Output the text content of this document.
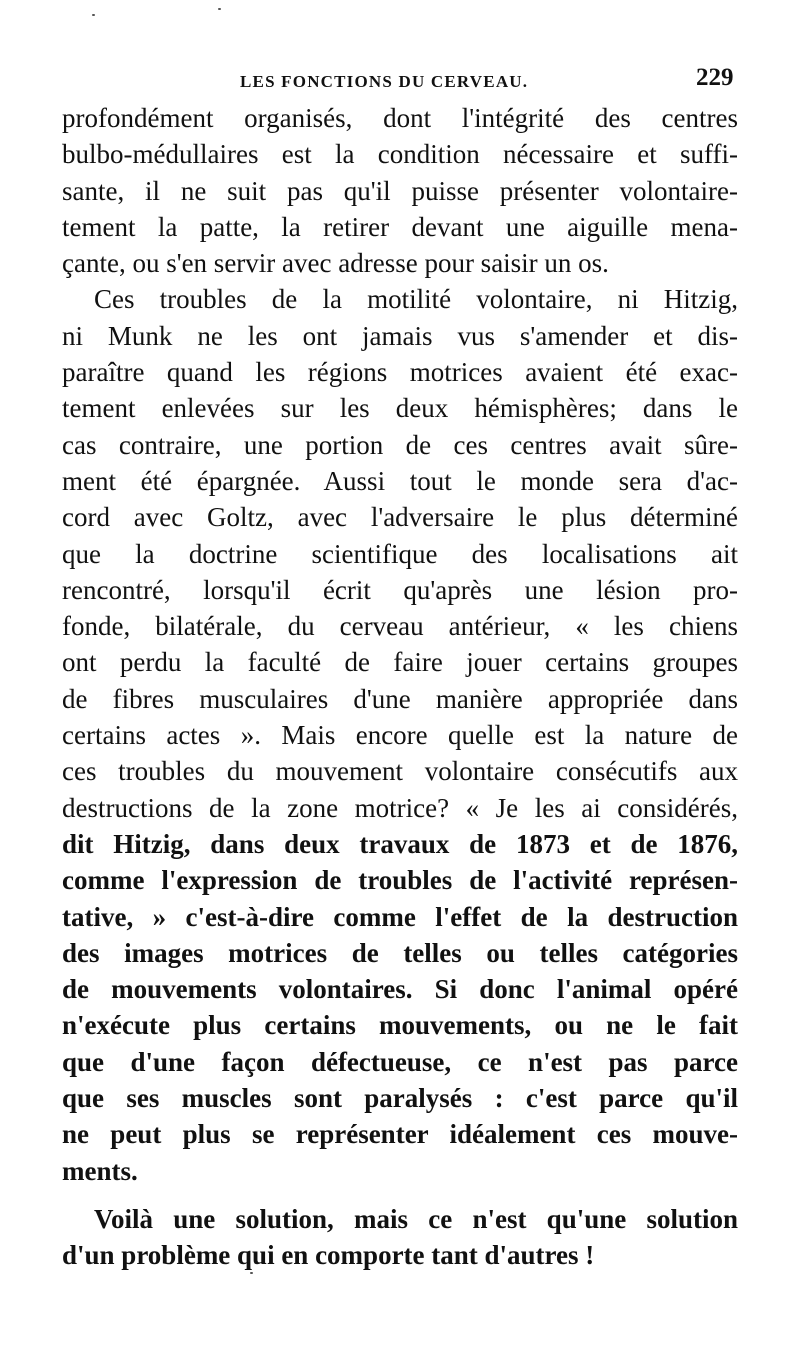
LES FONCTIONS DU CERVEAU.	229
profondément organisés, dont l'intégrité des centres
bulbo-médullaires est la condition nécessaire et suffi-
sante, il ne suit pas qu'il puisse présenter volontaire-
tement la patte, la retirer devant une aiguille mena-
çante, ou s'en servir avec adresse pour saisir un os.
Ces troubles de la motilité volontaire, ni Hitzig,
ni Munk ne les ont jamais vus s'amender et dis-
paraître quand les régions motrices avaient été exac-
tement enlevées sur les deux hémisphères; dans le
cas contraire, une portion de ces centres avait sûre-
ment été épargnée. Aussi tout le monde sera d'ac-
cord avec Goltz, avec l'adversaire le plus déterminé
que la doctrine scientifique des localisations ait
rencontré, lorsqu'il écrit qu'après une lésion pro-
fonde, bilatérale, du cerveau antérieur, « les chiens
ont perdu la faculté de faire jouer certains groupes
de fibres musculaires d'une manière appropriée dans
certains actes ». Mais encore quelle est la nature de
ces troubles du mouvement volontaire consécutifs aux
destructions de la zone motrice? « Je les ai considérés,
dit Hitzig, dans deux travaux de 1873 et de 1876,
comme l'expression de troubles de l'activité représen-
tative, » c'est-à-dire comme l'effet de la destruction
des images motrices de telles ou telles catégories
de mouvements volontaires. Si donc l'animal opéré
n'exécute plus certains mouvements, ou ne le fait
que d'une façon défectueuse, ce n'est pas parce
que ses muscles sont paralysés : c'est parce qu'il
ne peut plus se représenter idéalement ces mouve-
ments.
Voilà une solution, mais ce n'est qu'une solution
d'un problème qui en comporte tant d'autres !
